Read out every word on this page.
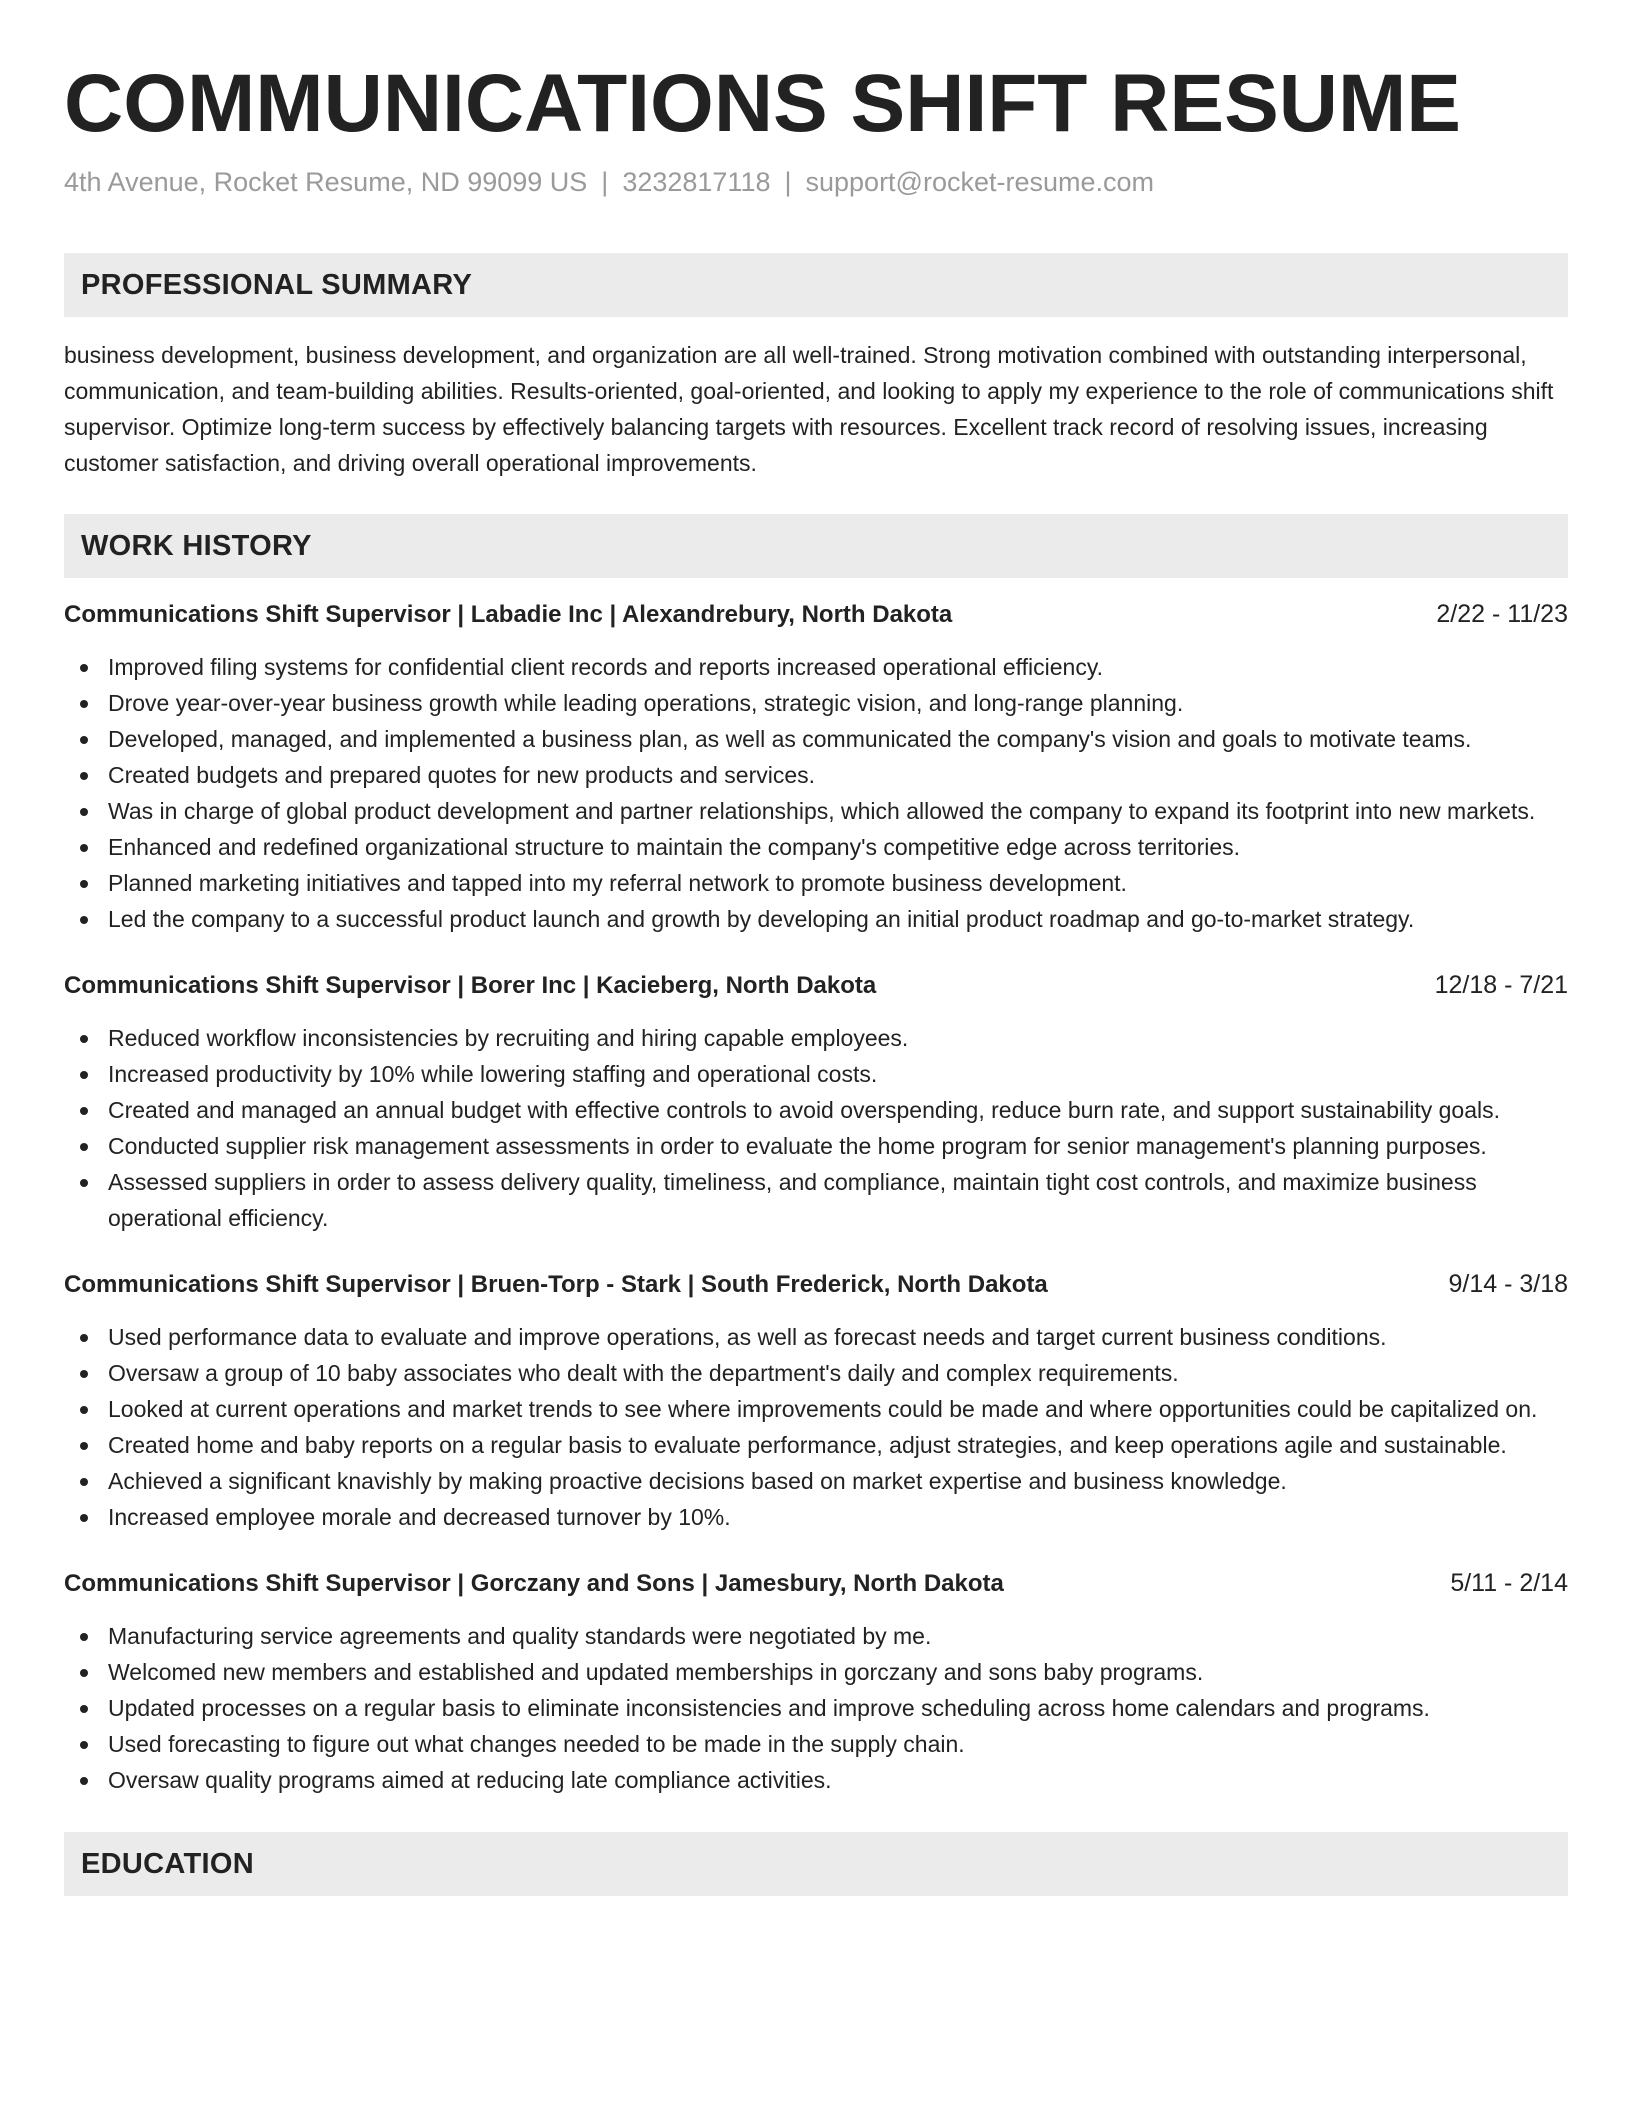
COMMUNICATIONS SHIFT RESUME
4th Avenue, Rocket Resume, ND 99099 US | 3232817118 | support@rocket-resume.com
PROFESSIONAL SUMMARY

business development, business development, and organization are all well-trained. Strong motivation combined with outstanding interpersonal, communication, and team-building abilities. Results-oriented, goal-oriented, and looking to apply my experience to the role of communications shift supervisor. Optimize long-term success by effectively balancing targets with resources. Excellent track record of resolving issues, increasing customer satisfaction, and driving overall operational improvements.

WORK HISTORY
Communications Shift Supervisor | Labadie Inc | Alexandrebury, North Dakota	2/22 - 11/23
Improved filing systems for confidential client records and reports increased operational efficiency.
Drove year-over-year business growth while leading operations, strategic vision, and long-range planning.
Developed, managed, and implemented a business plan, as well as communicated the company's vision and goals to motivate teams.
Created budgets and prepared quotes for new products and services.
Was in charge of global product development and partner relationships, which allowed the company to expand its footprint into new markets.
Enhanced and redefined organizational structure to maintain the company's competitive edge across territories.
Planned marketing initiatives and tapped into my referral network to promote business development.
Led the company to a successful product launch and growth by developing an initial product roadmap and go-to-market strategy.
Communications Shift Supervisor | Borer Inc | Kacieberg, North Dakota	12/18 - 7/21
Reduced workflow inconsistencies by recruiting and hiring capable employees.
Increased productivity by 10% while lowering staffing and operational costs.
Created and managed an annual budget with effective controls to avoid overspending, reduce burn rate, and support sustainability goals.
Conducted supplier risk management assessments in order to evaluate the home program for senior management's planning purposes.
Assessed suppliers in order to assess delivery quality, timeliness, and compliance, maintain tight cost controls, and maximize business operational efficiency.
Communications Shift Supervisor | Bruen-Torp - Stark | South Frederick, North Dakota	9/14 - 3/18
Used performance data to evaluate and improve operations, as well as forecast needs and target current business conditions.
Oversaw a group of 10 baby associates who dealt with the department's daily and complex requirements.
Looked at current operations and market trends to see where improvements could be made and where opportunities could be capitalized on.
Created home and baby reports on a regular basis to evaluate performance, adjust strategies, and keep operations agile and sustainable.
Achieved a significant knavishly by making proactive decisions based on market expertise and business knowledge.
Increased employee morale and decreased turnover by 10%.
Communications Shift Supervisor | Gorczany and Sons | Jamesbury, North Dakota	5/11 - 2/14
Manufacturing service agreements and quality standards were negotiated by me.
Welcomed new members and established and updated memberships in gorczany and sons baby programs.
Updated processes on a regular basis to eliminate inconsistencies and improve scheduling across home calendars and programs.
Used forecasting to figure out what changes needed to be made in the supply chain.
Oversaw quality programs aimed at reducing late compliance activities.
EDUCATION
